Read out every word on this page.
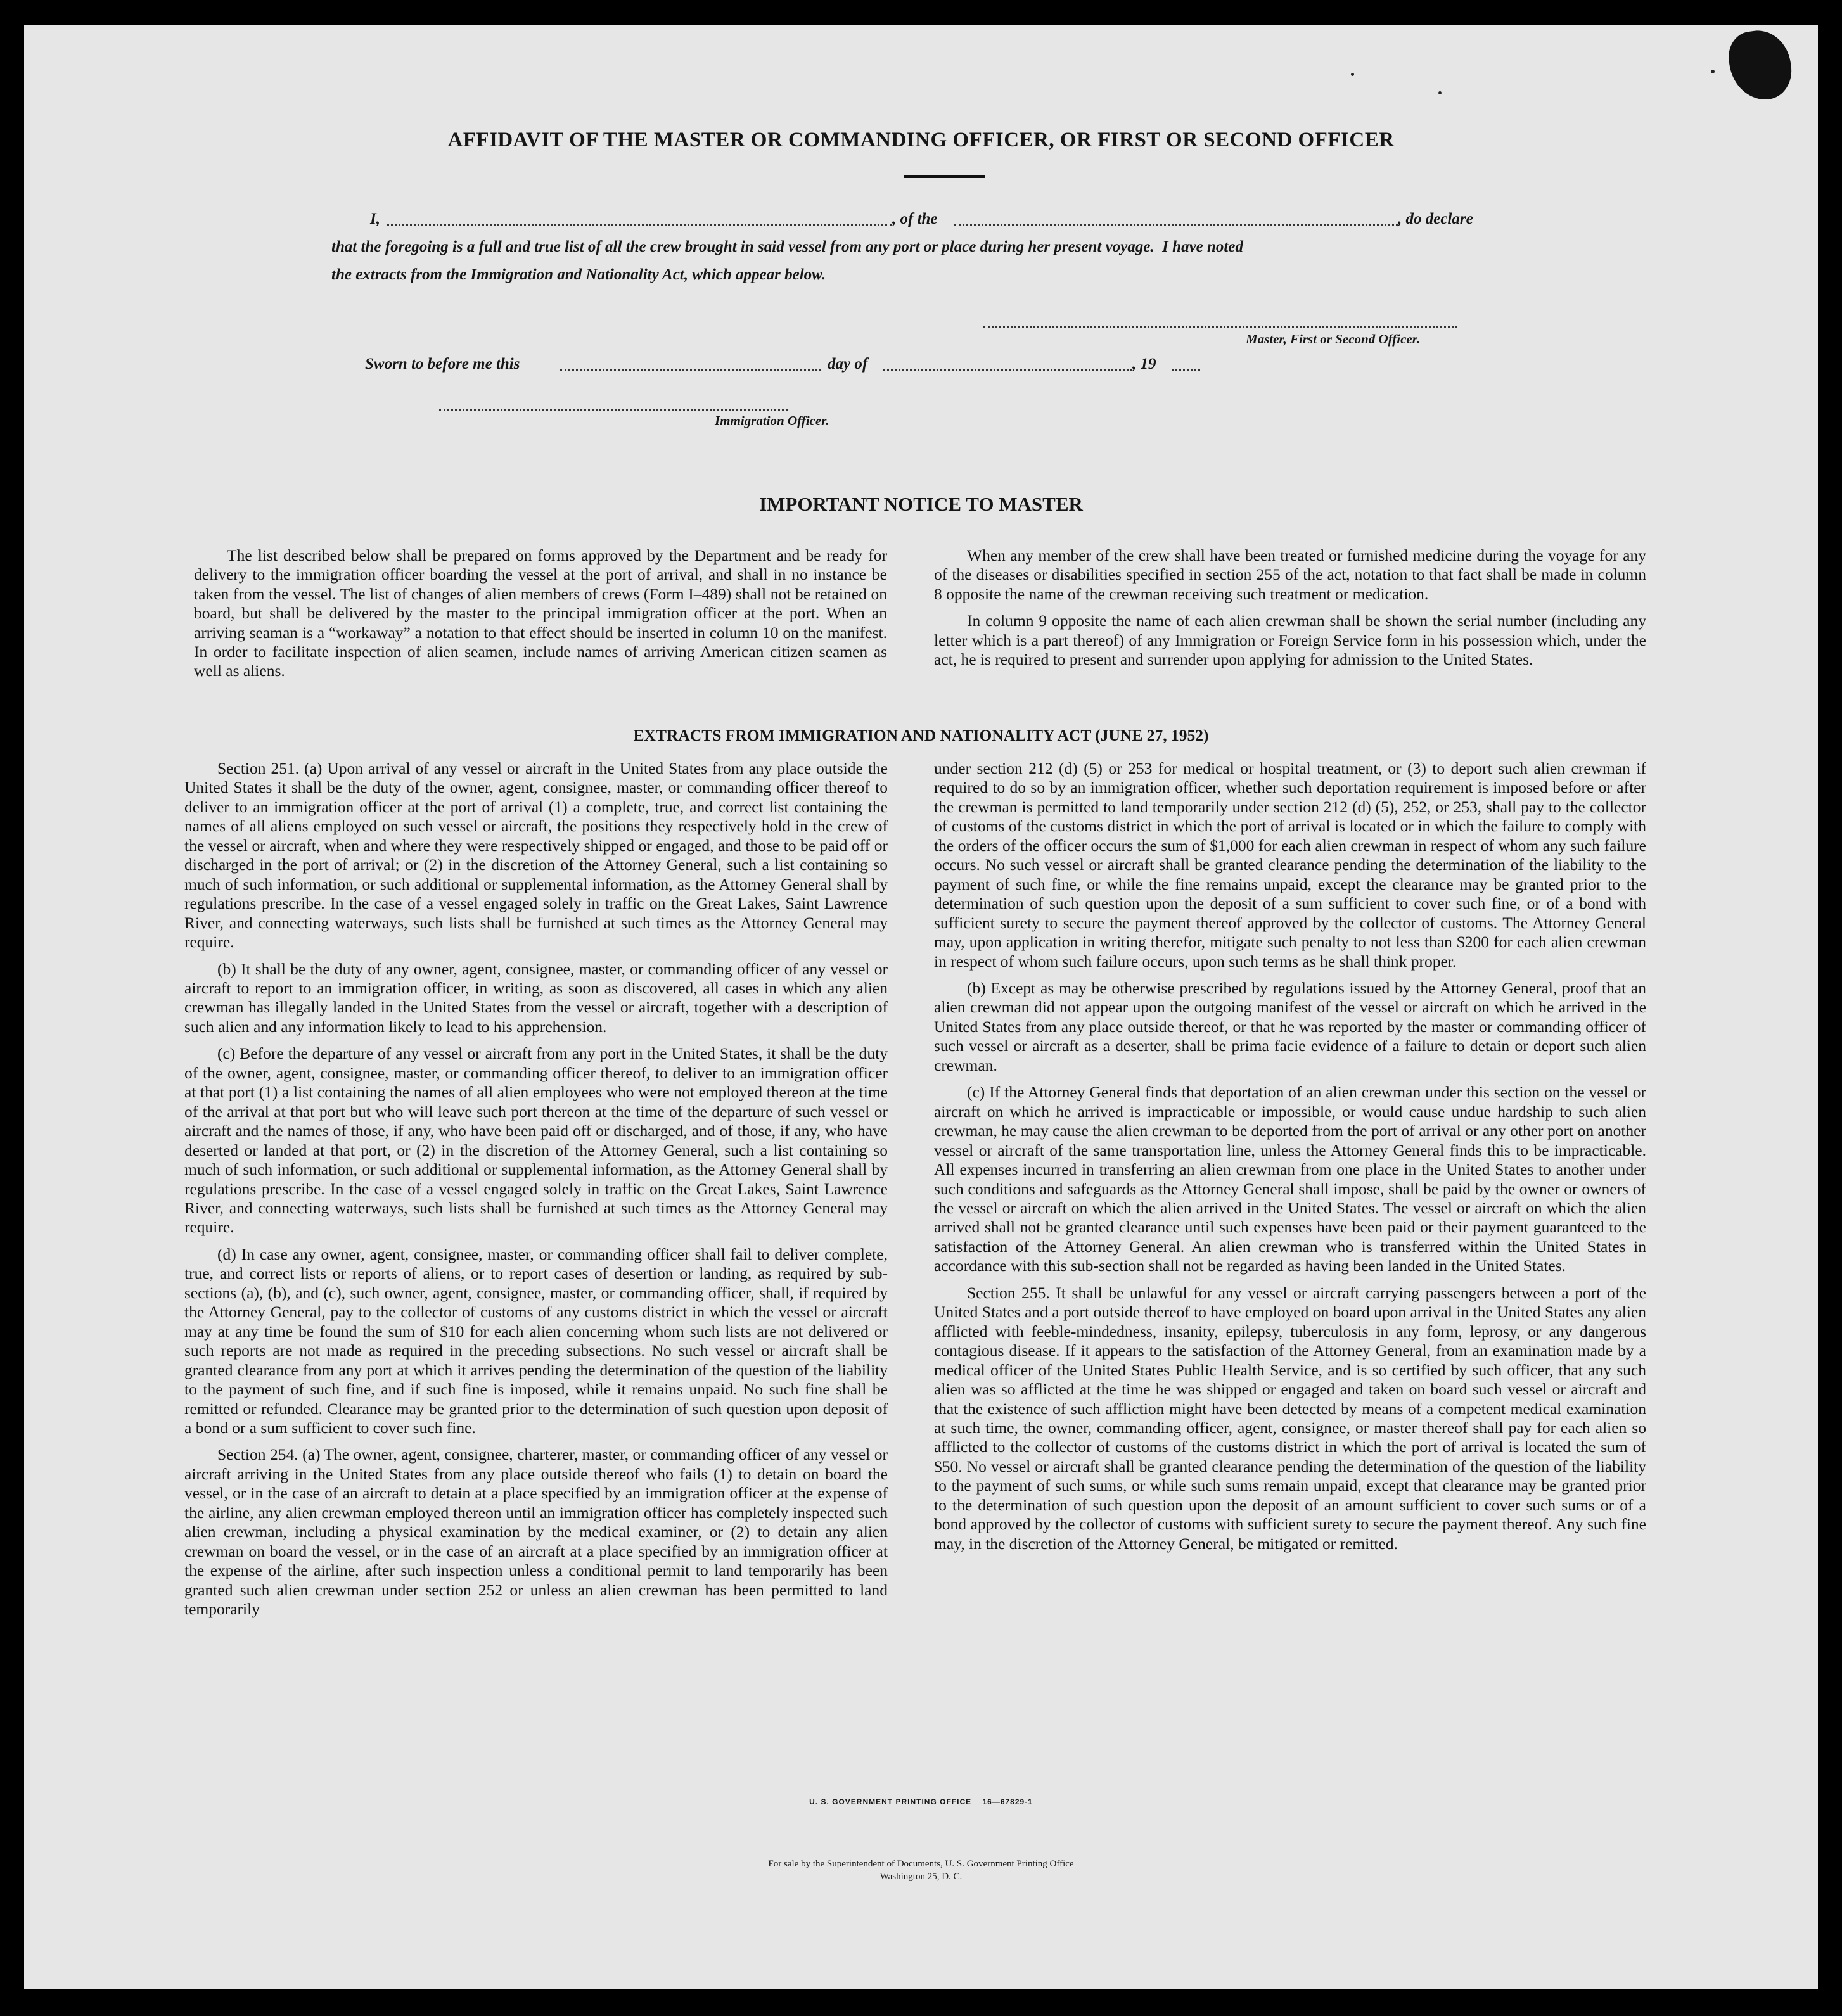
AFFIDAVIT OF THE MASTER OR COMMANDING OFFICER, OR FIRST OR SECOND OFFICER
I,	, of the	, do declare
that the foregoing is a full and true list of all the crew brought in said vessel from any port or place during her present voyage.  I have noted
the extracts from the Immigration and Nationality Act, which appear below.
Master, First or Second Officer.
Sworn to before me this	day of	, 19
Immigration Officer.
IMPORTANT NOTICE TO MASTER

The list described below shall be prepared on forms approved by the Department and be ready for delivery to the immigration officer boarding the vessel at the port of arrival, and shall in no instance be taken from the vessel. The list of changes of alien members of crews (Form I–489) shall not be retained on board, but shall be delivered by the master to the principal immigration officer at the port. When an arriving seaman is a “workaway” a notation to that effect should be inserted in column 10 on the manifest. In order to facilitate inspection of alien seamen, include names of arriving American citizen seamen as well as aliens.

When any member of the crew shall have been treated or furnished medicine during the voyage for any of the diseases or disabilities specified in section 255 of the act, notation to that fact shall be made in column 8 opposite the name of the crewman receiving such treatment or medication.

In column 9 opposite the name of each alien crewman shall be shown the serial number (including any letter which is a part thereof) of any Immigration or Foreign Service form in his possession which, under the act, he is required to present and surrender upon applying for admission to the United States.

EXTRACTS FROM IMMIGRATION AND NATIONALITY ACT (JUNE 27, 1952)

Section 251. (a) Upon arrival of any vessel or aircraft in the United States from any place outside the United States it shall be the duty of the owner, agent, consignee, master, or commanding officer thereof to deliver to an immigration officer at the port of arrival (1) a complete, true, and correct list containing the names of all aliens employed on such vessel or aircraft, the positions they respectively hold in the crew of the vessel or aircraft, when and where they were respectively shipped or engaged, and those to be paid off or discharged in the port of arrival; or (2) in the discretion of the Attorney General, such a list containing so much of such information, or such additional or supplemental information, as the Attorney General shall by regulations prescribe. In the case of a vessel engaged solely in traffic on the Great Lakes, Saint Lawrence River, and connecting waterways, such lists shall be furnished at such times as the Attorney General may require.

(b) It shall be the duty of any owner, agent, consignee, master, or commanding officer of any vessel or aircraft to report to an immigration officer, in writing, as soon as discovered, all cases in which any alien crewman has illegally landed in the United States from the vessel or aircraft, together with a description of such alien and any information likely to lead to his apprehension.

(c) Before the departure of any vessel or aircraft from any port in the United States, it shall be the duty of the owner, agent, consignee, master, or commanding officer thereof, to deliver to an immigration officer at that port (1) a list containing the names of all alien employees who were not employed thereon at the time of the arrival at that port but who will leave such port thereon at the time of the departure of such vessel or aircraft and the names of those, if any, who have been paid off or discharged, and of those, if any, who have deserted or landed at that port, or (2) in the discretion of the Attorney General, such a list containing so much of such information, or such additional or supplemental information, as the Attorney General shall by regulations prescribe. In the case of a vessel engaged solely in traffic on the Great Lakes, Saint Lawrence River, and connecting waterways, such lists shall be furnished at such times as the Attorney General may require.

(d) In case any owner, agent, consignee, master, or commanding officer shall fail to deliver complete, true, and correct lists or reports of aliens, or to report cases of desertion or landing, as required by sub-sections (a), (b), and (c), such owner, agent, consignee, master, or commanding officer, shall, if required by the Attorney General, pay to the collector of customs of any customs district in which the vessel or aircraft may at any time be found the sum of $10 for each alien concerning whom such lists are not delivered or such reports are not made as required in the preceding subsections. No such vessel or aircraft shall be granted clearance from any port at which it arrives pending the determination of the question of the liability to the payment of such fine, and if such fine is imposed, while it remains unpaid. No such fine shall be remitted or refunded. Clearance may be granted prior to the determination of such question upon deposit of a bond or a sum sufficient to cover such fine.

Section 254. (a) The owner, agent, consignee, charterer, master, or commanding officer of any vessel or aircraft arriving in the United States from any place outside thereof who fails (1) to detain on board the vessel, or in the case of an aircraft to detain at a place specified by an immigration officer at the expense of the airline, any alien crewman employed thereon until an immigration officer has completely inspected such alien crewman, including a physical examination by the medical examiner, or (2) to detain any alien crewman on board the vessel, or in the case of an aircraft at a place specified by an immigration officer at the expense of the airline, after such inspection unless a conditional permit to land temporarily has been granted such alien crewman under section 252 or unless an alien crewman has been permitted to land temporarily

under section 212 (d) (5) or 253 for medical or hospital treatment, or (3) to deport such alien crewman if required to do so by an immigration officer, whether such deportation requirement is imposed before or after the crewman is permitted to land temporarily under section 212 (d) (5), 252, or 253, shall pay to the collector of customs of the customs district in which the port of arrival is located or in which the failure to comply with the orders of the officer occurs the sum of $1,000 for each alien crewman in respect of whom any such failure occurs. No such vessel or aircraft shall be granted clearance pending the determination of the liability to the payment of such fine, or while the fine remains unpaid, except the clearance may be granted prior to the determination of such question upon the deposit of a sum sufficient to cover such fine, or of a bond with sufficient surety to secure the payment thereof approved by the collector of customs. The Attorney General may, upon application in writing therefor, mitigate such penalty to not less than $200 for each alien crewman in respect of whom such failure occurs, upon such terms as he shall think proper.

(b) Except as may be otherwise prescribed by regulations issued by the Attorney General, proof that an alien crewman did not appear upon the outgoing manifest of the vessel or aircraft on which he arrived in the United States from any place outside thereof, or that he was reported by the master or commanding officer of such vessel or aircraft as a deserter, shall be prima facie evidence of a failure to detain or deport such alien crewman.

(c) If the Attorney General finds that deportation of an alien crewman under this section on the vessel or aircraft on which he arrived is impracticable or impossible, or would cause undue hardship to such alien crewman, he may cause the alien crewman to be deported from the port of arrival or any other port on another vessel or aircraft of the same transportation line, unless the Attorney General finds this to be impracticable. All expenses incurred in transferring an alien crewman from one place in the United States to another under such conditions and safeguards as the Attorney General shall impose, shall be paid by the owner or owners of the vessel or aircraft on which the alien arrived in the United States. The vessel or aircraft on which the alien arrived shall not be granted clearance until such expenses have been paid or their payment guaranteed to the satisfaction of the Attorney General. An alien crewman who is transferred within the United States in accordance with this sub-section shall not be regarded as having been landed in the United States.

Section 255. It shall be unlawful for any vessel or aircraft carrying passengers between a port of the United States and a port outside thereof to have employed on board upon arrival in the United States any alien afflicted with feeble-mindedness, insanity, epilepsy, tuberculosis in any form, leprosy, or any dangerous contagious disease. If it appears to the satisfaction of the Attorney General, from an examination made by a medical officer of the United States Public Health Service, and is so certified by such officer, that any such alien was so afflicted at the time he was shipped or engaged and taken on board such vessel or aircraft and that the existence of such affliction might have been detected by means of a competent medical examination at such time, the owner, commanding officer, agent, consignee, or master thereof shall pay for each alien so afflicted to the collector of customs of the customs district in which the port of arrival is located the sum of $50. No vessel or aircraft shall be granted clearance pending the determination of the question of the liability to the payment of such sums, or while such sums remain unpaid, except that clearance may be granted prior to the determination of such question upon the deposit of an amount sufficient to cover such sums or of a bond approved by the collector of customs with sufficient surety to secure the payment thereof. Any such fine may, in the discretion of the Attorney General, be mitigated or remitted.

U. S. GOVERNMENT PRINTING OFFICE    16—67829-1
For sale by the Superintendent of Documents, U. S. Government Printing Office
Washington 25, D. C.
